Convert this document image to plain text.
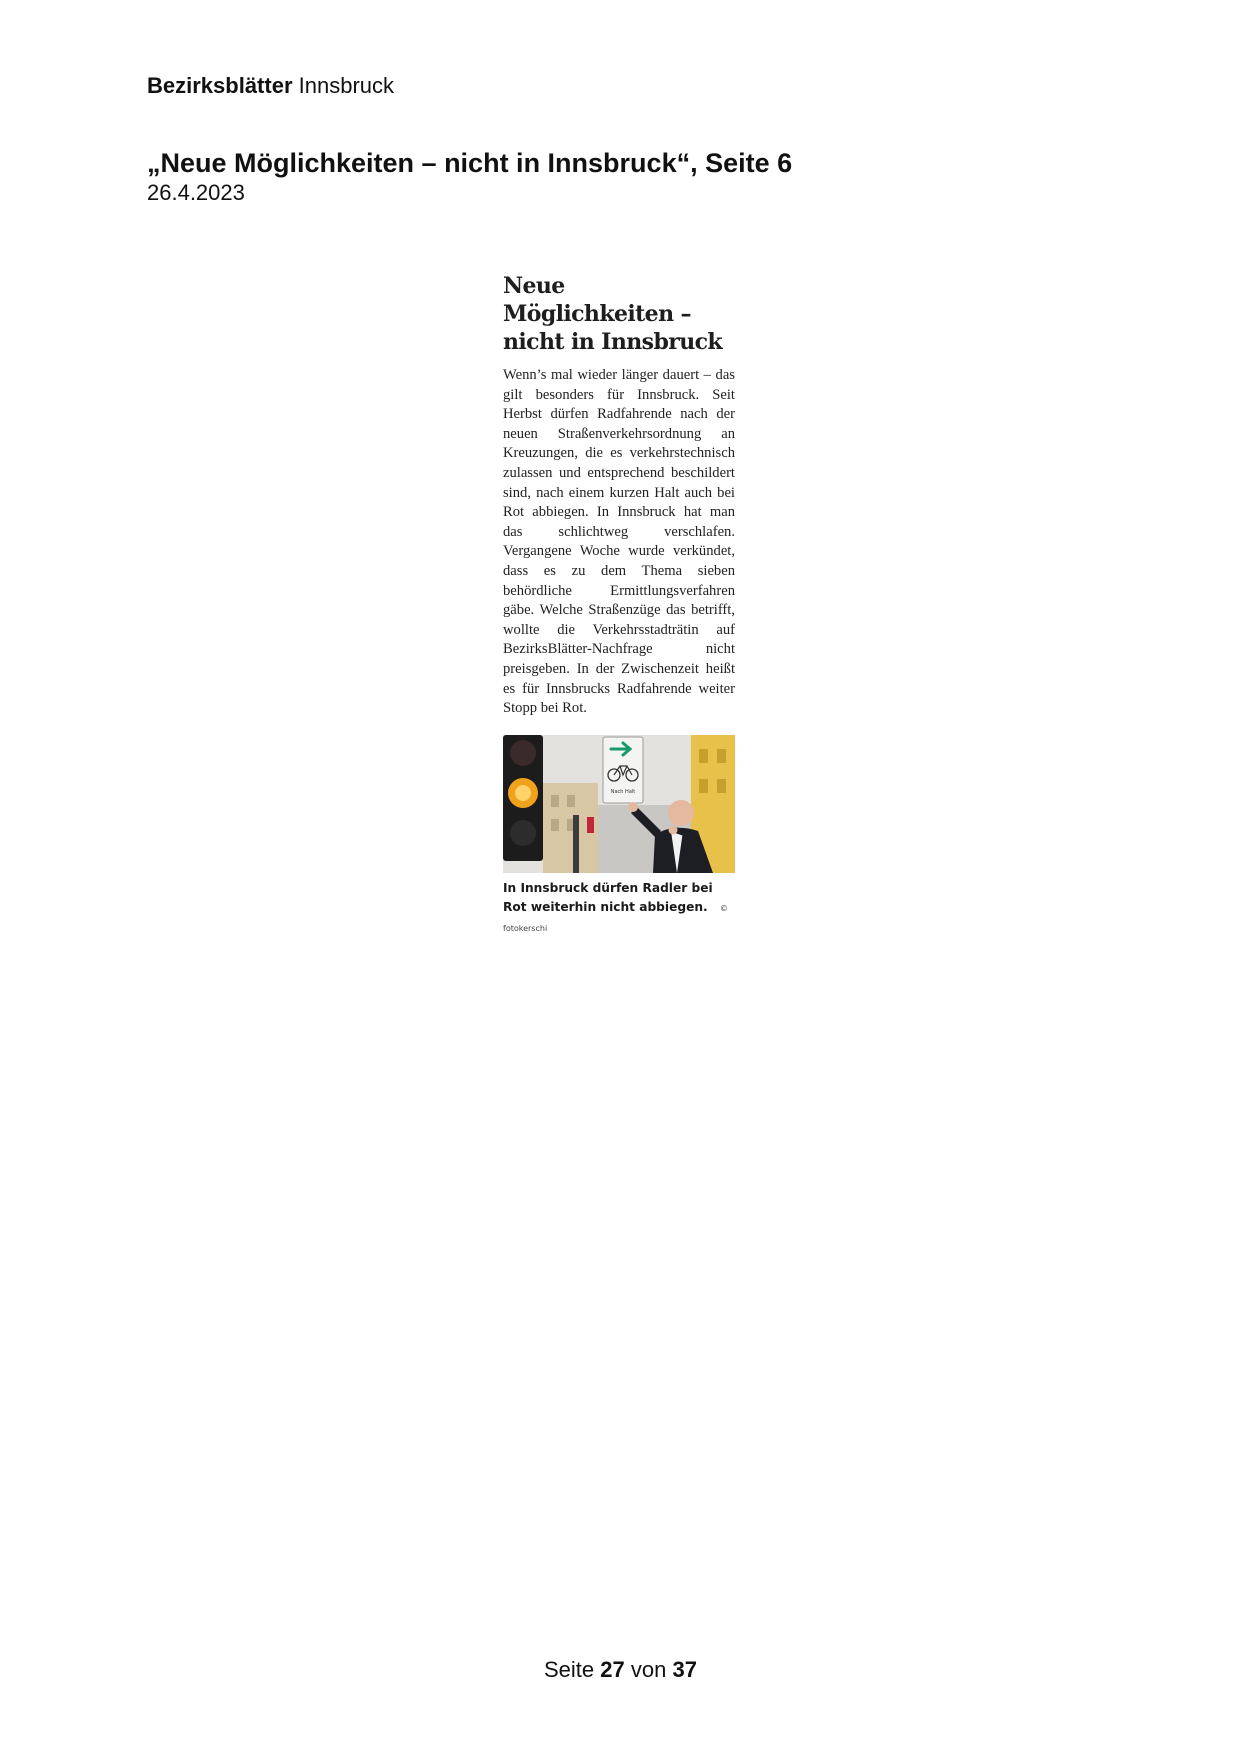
Bezirksblätter Innsbruck
„Neue Möglichkeiten – nicht in Innsbruck“, Seite 6
26.4.2023
Neue Möglichkeiten –
nicht in Innsbruck
Wenn’s mal wieder länger dauert – das gilt besonders für Innsbruck. Seit Herbst dürfen Radfahrende nach der neuen Straßenverkehrsordnung an Kreuzungen, die es verkehrstechnisch zulassen und entsprechend beschildert sind, nach einem kurzen Halt auch bei Rot abbiegen. In Innsbruck hat man das schlichtweg verschlafen. Vergangene Woche wurde verkündet, dass es zu dem Thema sieben behördliche Ermittlungsverfahren gäbe. Welche Straßenzüge das betrifft, wollte die Verkehrsstadträtin auf BezirksBlätter-Nachfrage nicht preisgeben. In der Zwischenzeit heißt es für Innsbrucks Radfahrende weiter Stopp bei Rot.
Nach Halt
In Innsbruck dürfen Radler bei Rot weiterhin nicht abbiegen. © fotokerschi
Seite 27 von 37
